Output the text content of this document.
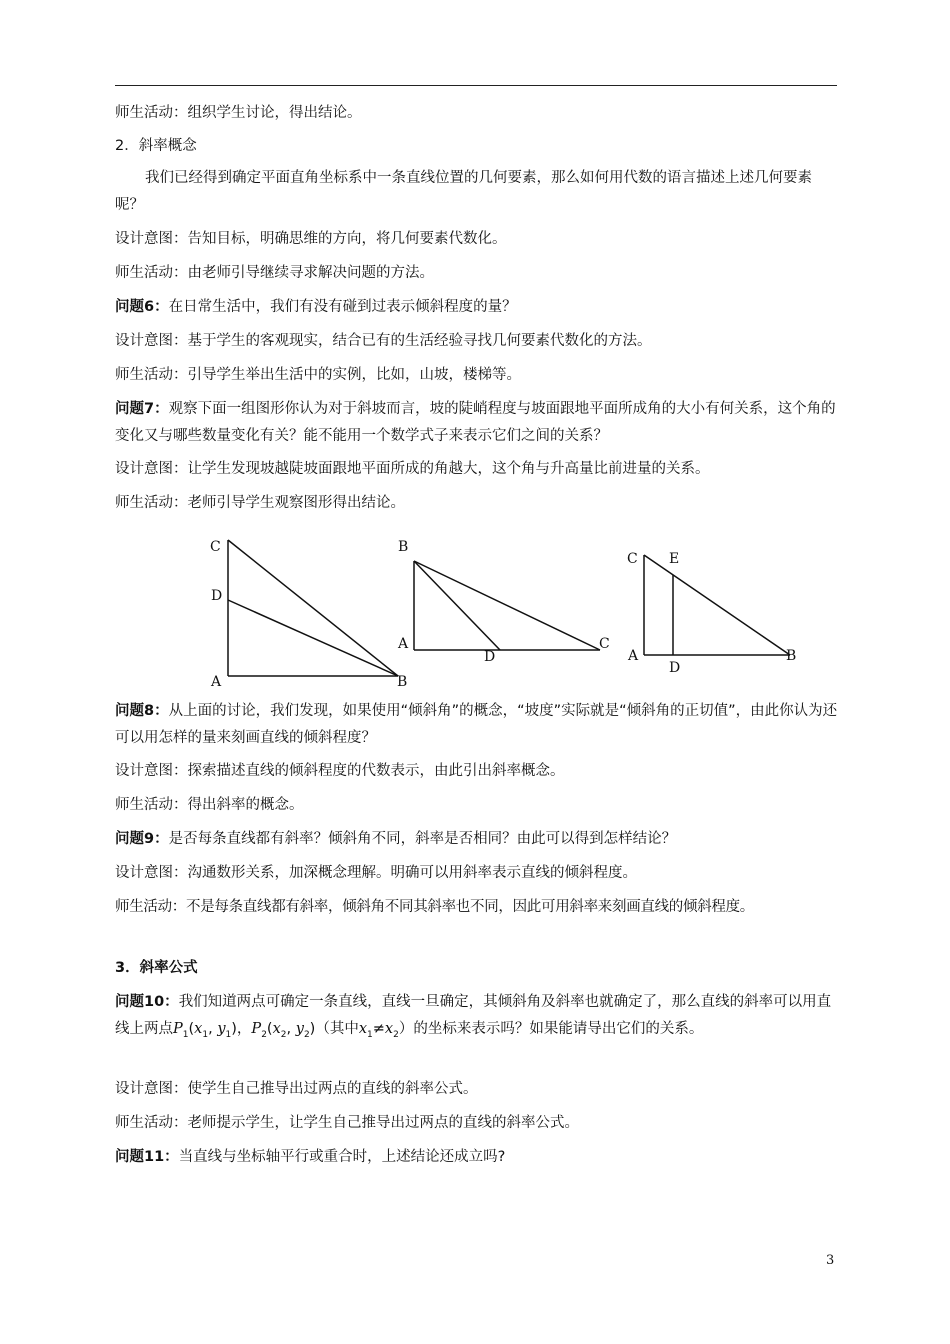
师生活动：组织学生讨论，得出结论。

2．斜率概念

我们已经得到确定平面直角坐标系中一条直线位置的几何要素，那么如何用代数的语言描述上述几何要素呢？

设计意图：告知目标，明确思维的方向，将几何要素代数化。

师生活动：由老师引导继续寻求解决问题的方法。

问题6：在日常生活中，我们有没有碰到过表示倾斜程度的量？

设计意图：基于学生的客观现实，结合已有的生活经验寻找几何要素代数化的方法。

师生活动：引导学生举出生活中的实例，比如，山坡，楼梯等。

问题7：观察下面一组图形你认为对于斜坡而言，坡的陡峭程度与坡面跟地平面所成角的大小有何关系，这个角的变化又与哪些数量变化有关？能不能用一个数学式子来表示它们之间的关系？

设计意图：让学生发现坡越陡坡面跟地平面所成的角越大，这个角与升高量比前进量的关系。

师生活动：老师引导学生观察图形得出结论。

C
D
A	B
B
A
D
C
C E
A
D
B

问题8：从上面的讨论，我们发现，如果使用“倾斜角”的概念，“坡度”实际就是“倾斜角的正切值”，由此你认为还可以用怎样的量来刻画直线的倾斜程度？

设计意图：探索描述直线的倾斜程度的代数表示，由此引出斜率概念。

师生活动：得出斜率的概念。

问题9：是否每条直线都有斜率？倾斜角不同，斜率是否相同？由此可以得到怎样结论？

设计意图：沟通数形关系，加深概念理解。明确可以用斜率表示直线的倾斜程度。

师生活动：不是每条直线都有斜率，倾斜角不同其斜率也不同，因此可用斜率来刻画直线的倾斜程度。

3．斜率公式

问题10：我们知道两点可确定一条直线，直线一旦确定，其倾斜角及斜率也就确定了，那么直线的斜率可以用直线上两点$P_1(x_1$, $y_1$)，$P_2(x_2$, $y_2$)（其中$x_1\ne x_2$）的坐标来表示吗？如果能请导出它们的关系。

设计意图：使学生自己推导出过两点的直线的斜率公式。

师生活动：老师提示学生，让学生自己推导出过两点的直线的斜率公式。

问题11：当直线与坐标轴平行或重合时，上述结论还成立吗?

3
